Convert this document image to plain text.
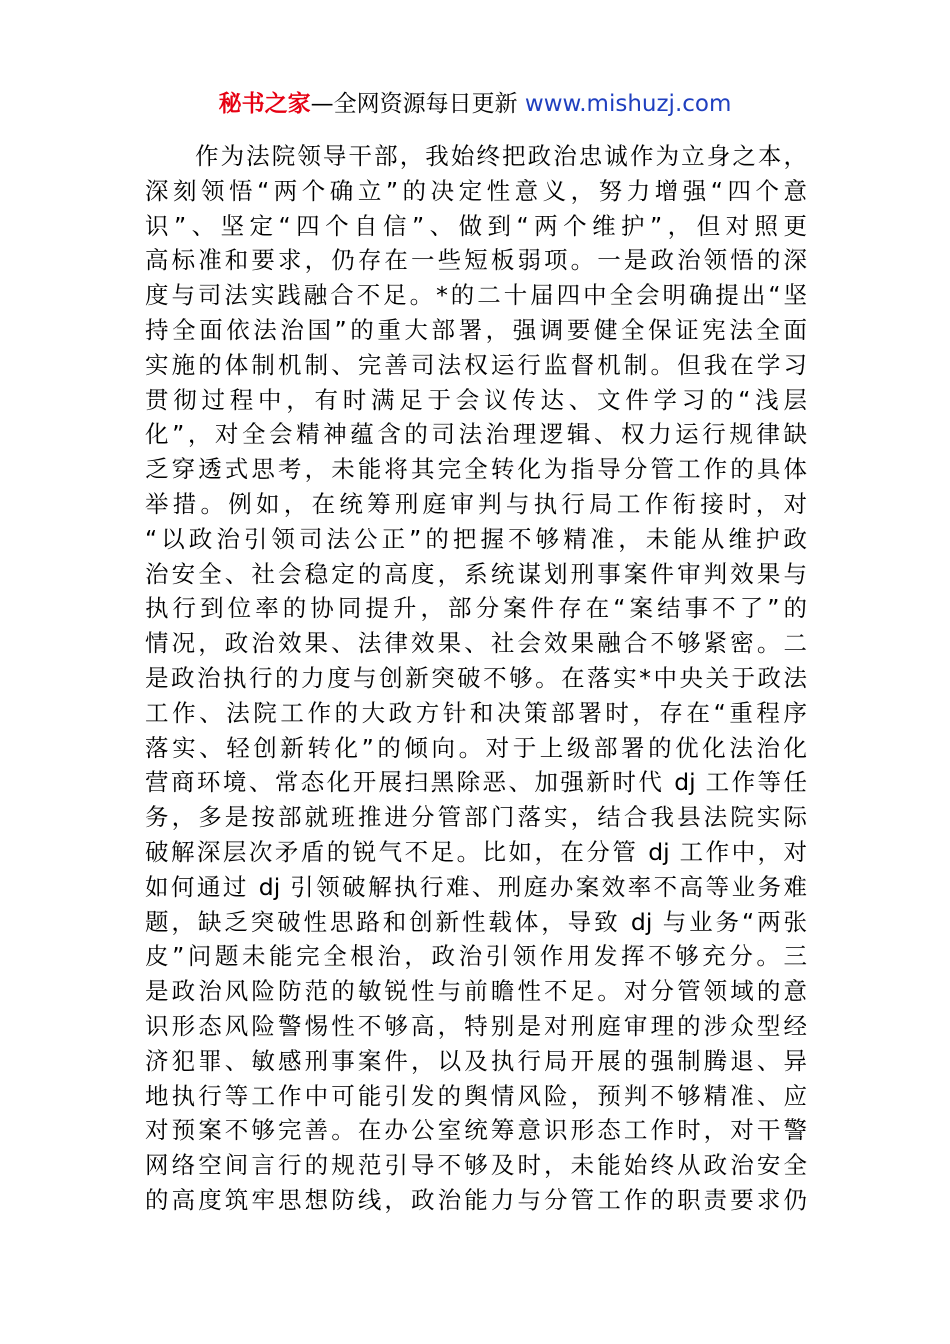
秘书之家—全网资源每日更新 www.mishuzj.com
作为法院领导干部，我始终把政治忠诚作为立身之本，
深刻领悟“两个确立”的决定性意义，努力增强“四个意
识”、坚定“四个自信”、做到“两个维护”，但对照更
高标准和要求，仍存在一些短板弱项。一是政治领悟的深
度与司法实践融合不足。*的二十届四中全会明确提出“坚
持全面依法治国”的重大部署，强调要健全保证宪法全面
实施的体制机制、完善司法权运行监督机制。但我在学习
贯彻过程中，有时满足于会议传达、文件学习的“浅层
化”，对全会精神蕴含的司法治理逻辑、权力运行规律缺
乏穿透式思考，未能将其完全转化为指导分管工作的具体
举措。例如，在统筹刑庭审判与执行局工作衔接时，对
“以政治引领司法公正”的把握不够精准，未能从维护政
治安全、社会稳定的高度，系统谋划刑事案件审判效果与
执行到位率的协同提升，部分案件存在“案结事不了”的
情况，政治效果、法律效果、社会效果融合不够紧密。二
是政治执行的力度与创新突破不够。在落实*中央关于政法
工作、法院工作的大政方针和决策部署时，存在“重程序
落实、轻创新转化”的倾向。对于上级部署的优化法治化
营商环境、常态化开展扫黑除恶、加强新时代 dj 工作等任
务，多是按部就班推进分管部门落实，结合我县法院实际
破解深层次矛盾的锐气不足。比如，在分管 dj 工作中，对
如何通过 dj 引领破解执行难、刑庭办案效率不高等业务难
题，缺乏突破性思路和创新性载体，导致 dj 与业务“两张
皮”问题未能完全根治，政治引领作用发挥不够充分。三
是政治风险防范的敏锐性与前瞻性不足。对分管领域的意
识形态风险警惕性不够高，特别是对刑庭审理的涉众型经
济犯罪、敏感刑事案件，以及执行局开展的强制腾退、异
地执行等工作中可能引发的舆情风险，预判不够精准、应
对预案不够完善。在办公室统筹意识形态工作时，对干警
网络空间言行的规范引导不够及时，未能始终从政治安全
的高度筑牢思想防线，政治能力与分管工作的职责要求仍
